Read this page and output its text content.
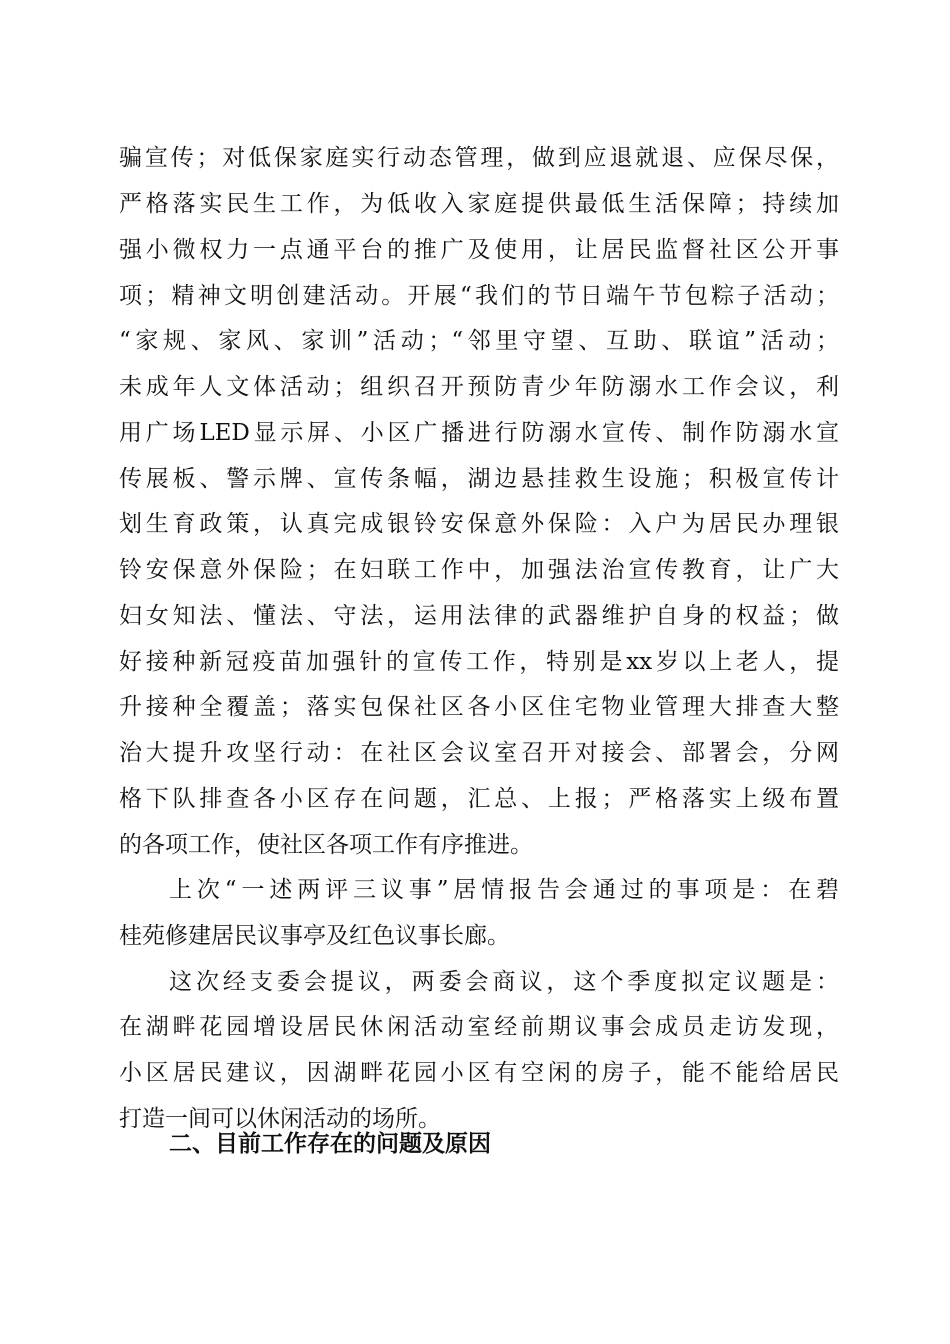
骗宣传；对低保家庭实行动态管理，做到应退就退、应保尽保，
严格落实民生工作，为低收入家庭提供最低生活保障；持续加
强小微权力一点通平台的推广及使用，让居民监督社区公开事
项；精神文明创建活动。开展“我们的节日端午节包粽子活动；
“家规、家风、家训”活动；“邻里守望、互助、联谊”活动；
未成年人文体活动；组织召开预防青少年防溺水工作会议，利
用广场LED显示屏、小区广播进行防溺水宣传、制作防溺水宣
传展板、警示牌、宣传条幅，湖边悬挂救生设施；积极宣传计
划生育政策，认真完成银铃安保意外保险：入户为居民办理银
铃安保意外保险；在妇联工作中，加强法治宣传教育，让广大
妇女知法、懂法、守法，运用法律的武器维护自身的权益；做
好接种新冠疫苗加强针的宣传工作，特别是xx岁以上老人，提
升接种全覆盖；落实包保社区各小区住宅物业管理大排查大整
治大提升攻坚行动：在社区会议室召开对接会、部署会，分网
格下队排查各小区存在问题，汇总、上报；严格落实上级布置
的各项工作，使社区各项工作有序推进。
上次“一述两评三议事”居情报告会通过的事项是：在碧
桂苑修建居民议事亭及红色议事长廊。
这次经支委会提议，两委会商议，这个季度拟定议题是：
在湖畔花园增设居民休闲活动室经前期议事会成员走访发现，
小区居民建议，因湖畔花园小区有空闲的房子，能不能给居民
打造一间可以休闲活动的场所。
二、目前工作存在的问题及原因
